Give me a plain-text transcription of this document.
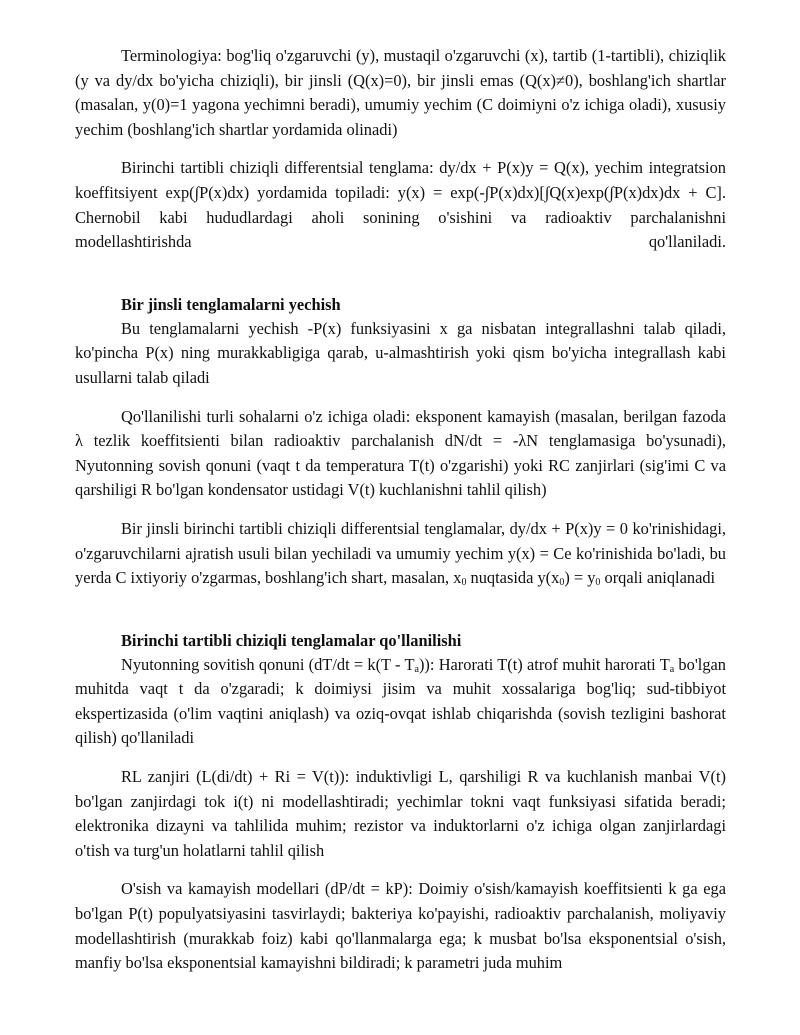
Terminologiya: bog'liq o'zgaruvchi (y), mustaqil o'zgaruvchi (x), tartib (1-tartibli), chiziqlik (y va dy/dx bo'yicha chiziqli), bir jinsli (Q(x)=0), bir jinsli emas (Q(x)≠0), boshlang'ich shartlar (masalan, y(0)=1 yagona yechimni beradi), umumiy yechim (C doimiyni o'z ichiga oladi), xususiy yechim (boshlang'ich shartlar yordamida olinadi)

Birinchi tartibli chiziqli differentsial tenglama: dy/dx + P(x)y = Q(x), yechim integratsion koeffitsiyent exp(∫P(x)dx) yordamida topiladi: y(x) = exp(-∫P(x)dx)[∫Q(x)exp(∫P(x)dx)dx + C]. Chernobil kabi hududlardagi aholi sonining o'sishini va radioaktiv parchalanishni modellashtirishda qo'llaniladi.

Bir jinsli tenglamalarni yechish

Bu tenglamalarni yechish -P(x) funksiyasini x ga nisbatan integrallashni talab qiladi, ko'pincha P(x) ning murakkabligiga qarab, u-almashtirish yoki qism bo'yicha integrallash kabi usullarni talab qiladi

Qo'llanilishi turli sohalarni o'z ichiga oladi: eksponent kamayish (masalan, berilgan fazoda λ tezlik koeffitsienti bilan radioaktiv parchalanish dN/dt = -λN tenglamasiga bo'ysunadi), Nyutonning sovish qonuni (vaqt t da temperatura T(t) o'zgarishi) yoki RC zanjirlari (sig'imi C va qarshiligi R bo'lgan kondensator ustidagi V(t) kuchlanishni tahlil qilish)

Bir jinsli birinchi tartibli chiziqli differentsial tenglamalar, dy/dx + P(x)y = 0 ko'rinishidagi, o'zgaruvchilarni ajratish usuli bilan yechiladi va umumiy yechim y(x) = Ce ko'rinishida bo'ladi, bu yerda C ixtiyoriy o'zgarmas, boshlang'ich shart, masalan, $x_0$ nuqtasida $y(x_0) = y_0$ orqali aniqlanadi

Birinchi tartibli chiziqli tenglamalar qo'llanilishi

Nyutonning sovitish qonuni $(dT/dt = k(T - T_a))$: Harorati T(t) atrof muhit harorati $T_a$ bo'lgan muhitda vaqt t da o'zgaradi; k doimiysi jisim va muhit xossalariga bog'liq; sud-tibbiyot ekspertizasida (o'lim vaqtini aniqlash) va oziq-ovqat ishlab chiqarishda (sovish tezligini bashorat qilish) qo'llaniladi

RL zanjiri (L(di/dt) + Ri = V(t)): induktivligi L, qarshiligi R va kuchlanish manbai V(t) bo'lgan zanjirdagi tok i(t) ni modellashtiradi; yechimlar tokni vaqt funksiyasi sifatida beradi; elektronika dizayni va tahlilida muhim; rezistor va induktorlarni o'z ichiga olgan zanjirlardagi o'tish va turg'un holatlarni tahlil qilish

O'sish va kamayish modellari (dP/dt = kP): Doimiy o'sish/kamayish koeffitsienti k ga ega bo'lgan P(t) populyatsiyasini tasvirlaydi; bakteriya ko'payishi, radioaktiv parchalanish, moliyaviy modellashtirish (murakkab foiz) kabi qo'llanmalarga ega; k musbat bo'lsa eksponentsial o'sish, manfiy bo'lsa eksponentsial kamayishni bildiradi; k parametri juda muhim
